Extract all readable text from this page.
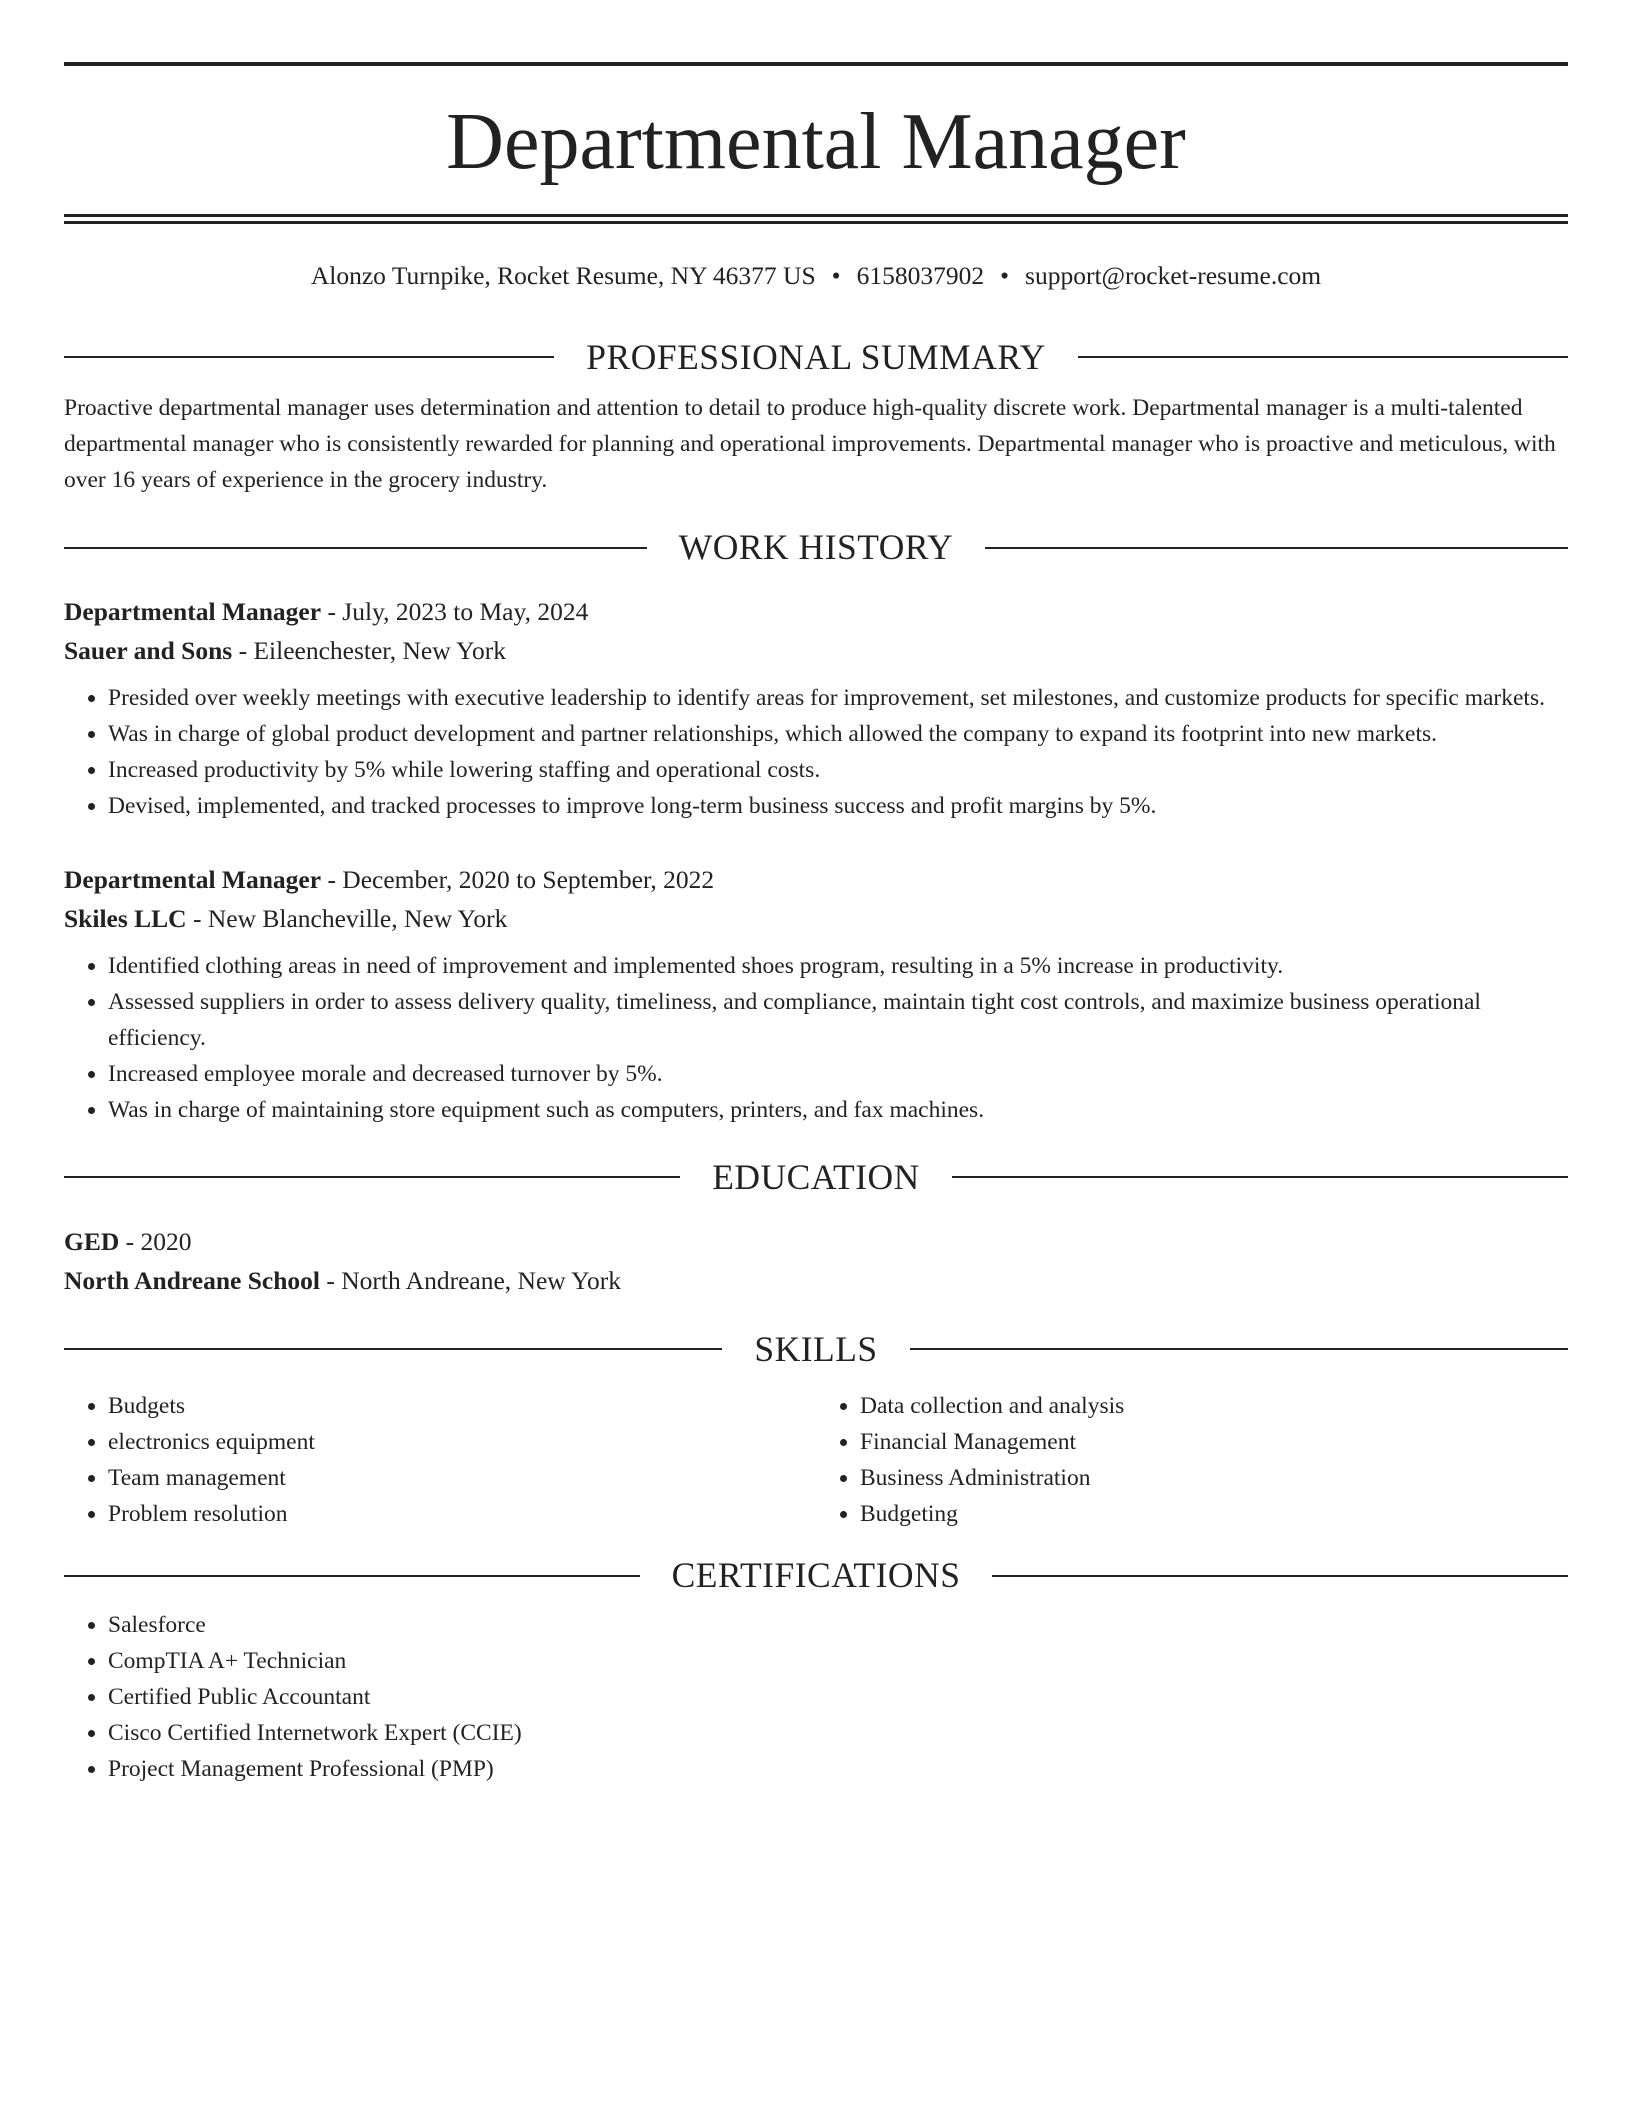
Departmental Manager
Alonzo Turnpike, Rocket Resume, NY 46377 US • 6158037902 • support@rocket-resume.com
PROFESSIONAL SUMMARY

Proactive departmental manager uses determination and attention to detail to produce high-quality discrete work. Departmental manager is a multi-talented departmental manager who is consistently rewarded for planning and operational improvements. Departmental manager who is proactive and meticulous, with over 16 years of experience in the grocery industry.

WORK HISTORY
Departmental Manager - July, 2023 to May, 2024
Sauer and Sons - Eileenchester, New York
• Presided over weekly meetings with executive leadership to identify areas for improvement, set milestones, and customize products for specific markets.
• Was in charge of global product development and partner relationships, which allowed the company to expand its footprint into new markets.
• Increased productivity by 5% while lowering staffing and operational costs.
• Devised, implemented, and tracked processes to improve long-term business success and profit margins by 5%.
Departmental Manager - December, 2020 to September, 2022
Skiles LLC - New Blancheville, New York
• Identified clothing areas in need of improvement and implemented shoes program, resulting in a 5% increase in productivity.
• Assessed suppliers in order to assess delivery quality, timeliness, and compliance, maintain tight cost controls, and maximize business operational efficiency.
• Increased employee morale and decreased turnover by 5%.
• Was in charge of maintaining store equipment such as computers, printers, and fax machines.
EDUCATION
GED - 2020
North Andreane School - North Andreane, New York
SKILLS
• Budgets
• electronics equipment
• Team management
• Problem resolution
• Data collection and analysis
• Financial Management
• Business Administration
• Budgeting
CERTIFICATIONS
• Salesforce
• CompTIA A+ Technician
• Certified Public Accountant
• Cisco Certified Internetwork Expert (CCIE)
• Project Management Professional (PMP)
